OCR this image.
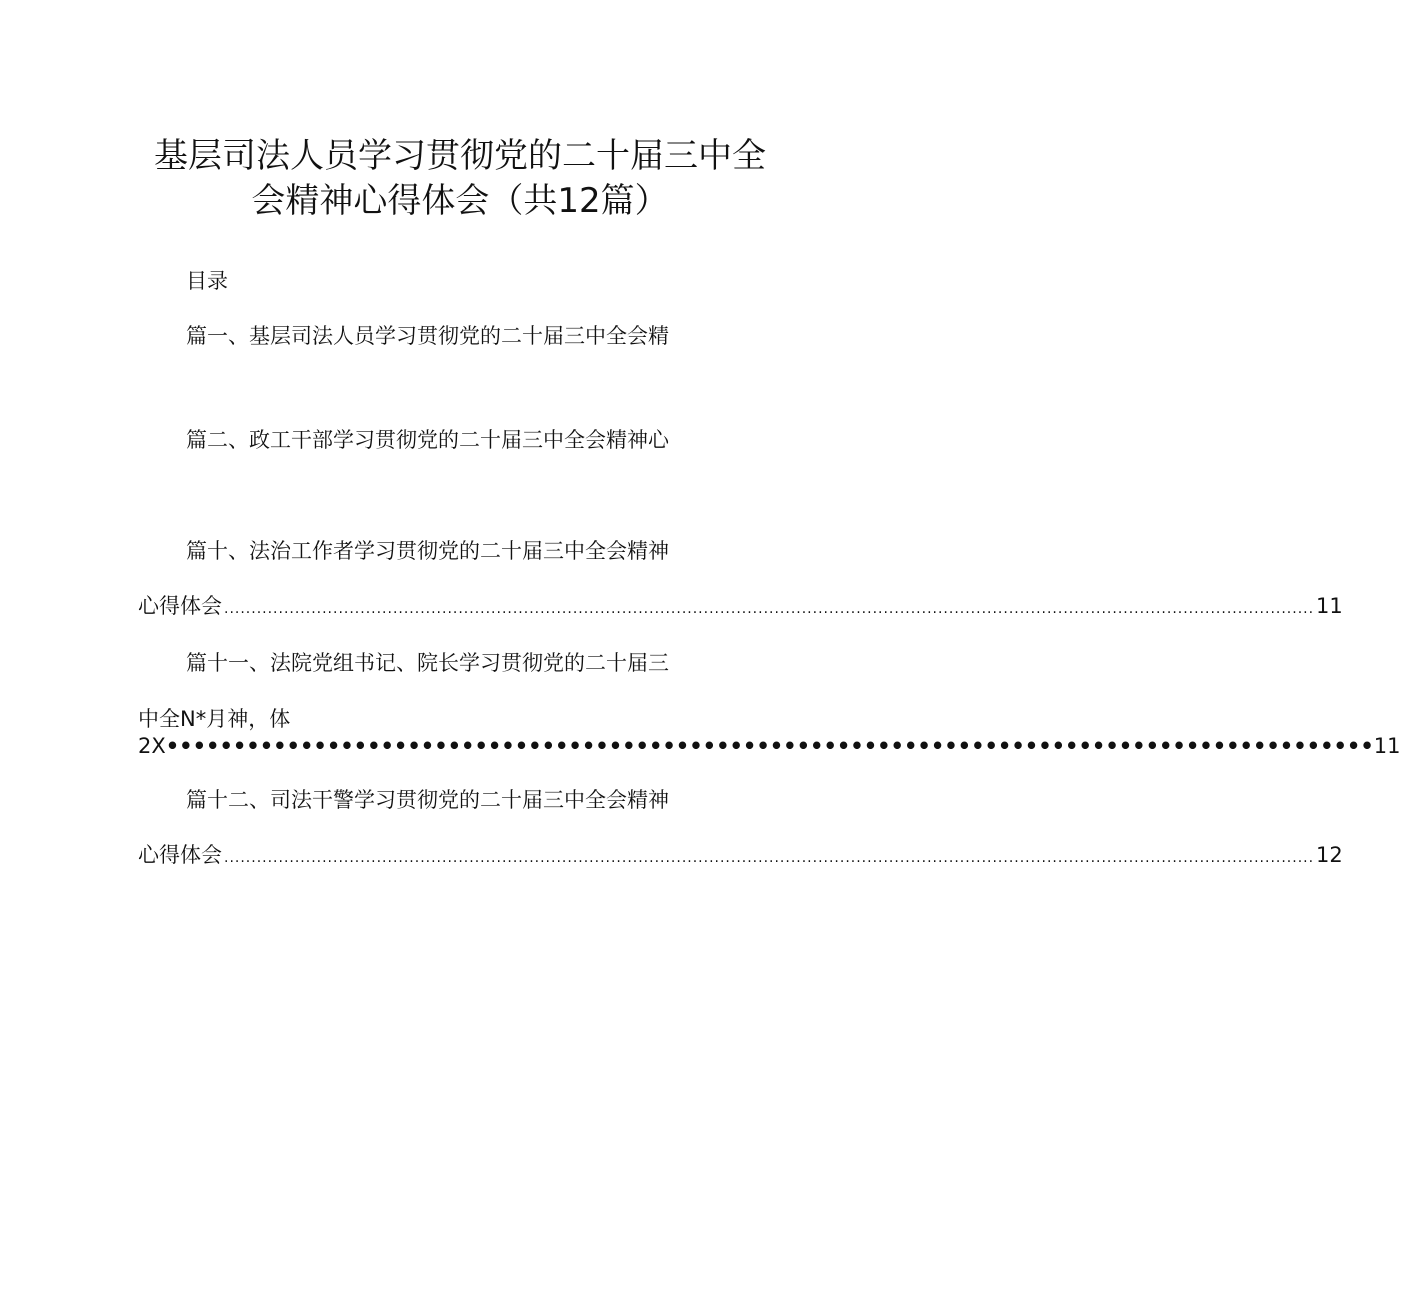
基层司法人员学习贯彻党的二十届三中全
会精神心得体会（共12篇）
目录
篇一、基层司法人员学习贯彻党的二十届三中全会精
篇二、政工干部学习贯彻党的二十届三中全会精神心
篇十、法治工作者学习贯彻党的二十届三中全会精神
心得体会 ........................................................................................................................................................................................................ 11
篇十一、法院党组书记、院长学习贯彻党的二十届三
中全N*月神，体
2X •••••••••••••••••••••••••••••••••••••••••••••••••••••••••••••••••••••••••••••••••••••••••• 11
篇十二、司法干警学习贯彻党的二十届三中全会精神
心得体会 ........................................................................................................................................................................................................ 12
